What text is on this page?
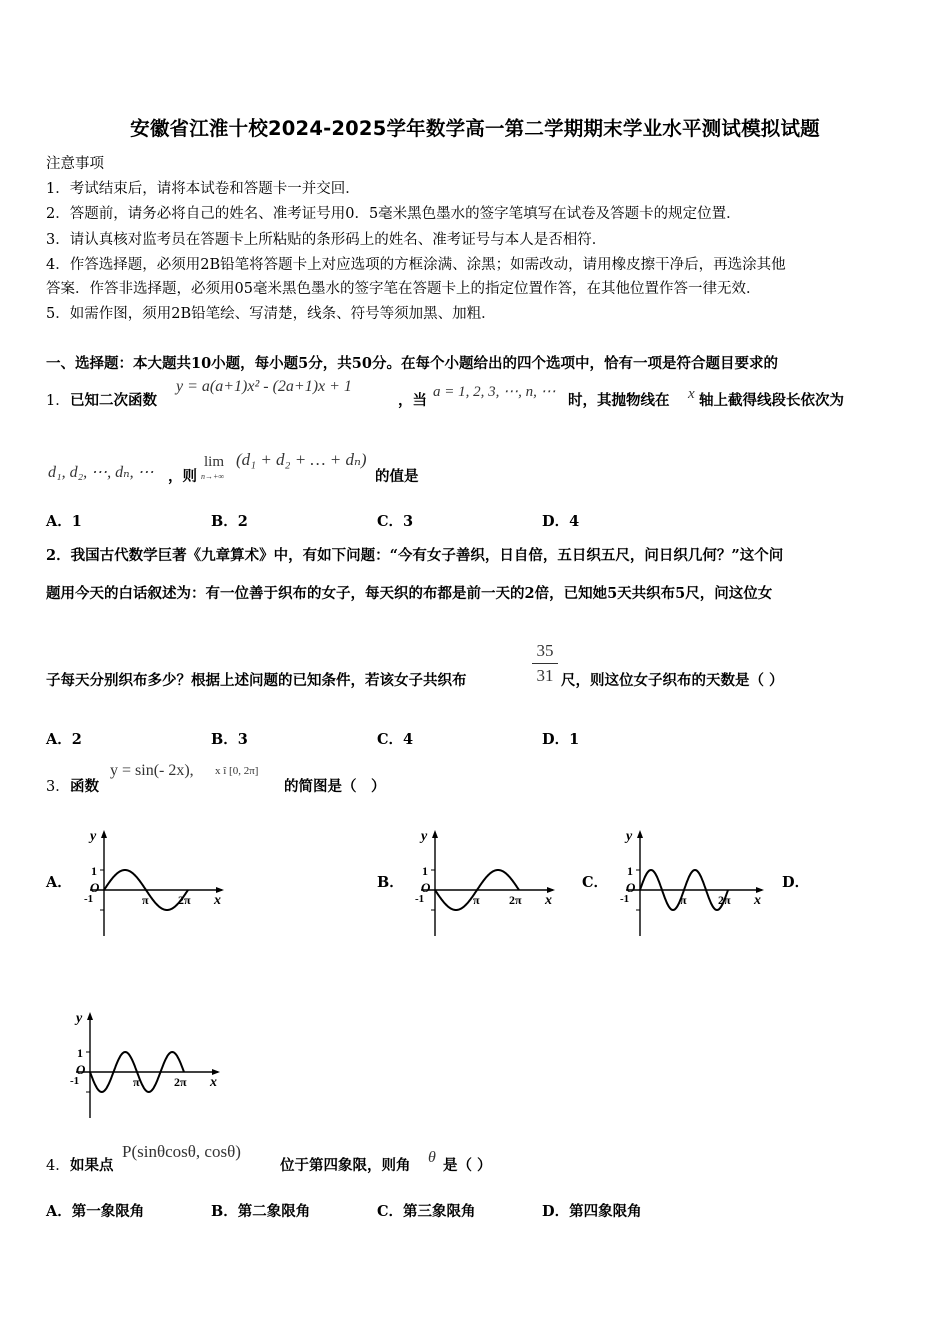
安徽省江淮十校2024-2025学年数学高一第二学期期末学业水平测试模拟试题
注意事项
1．考试结束后，请将本试卷和答题卡一并交回．
2．答题前，请务必将自己的姓名、准考证号用0．5毫米黑色墨水的签字笔填写在试卷及答题卡的规定位置．
3．请认真核对监考员在答题卡上所粘贴的条形码上的姓名、准考证号与本人是否相符．
4．作答选择题，必须用2B铅笔将答题卡上对应选项的方框涂满、涂黑；如需改动，请用橡皮擦干净后，再选涂其他
答案．作答非选择题，必须用05毫米黑色墨水的签字笔在答题卡上的指定位置作答，在其他位置作答一律无效．
5．如需作图，须用2B铅笔绘、写清楚，线条、符号等须加黑、加粗．
一、选择题：本大题共10小题，每小题5分，共50分。在每个小题给出的四个选项中，恰有一项是符合题目要求的
1． 已知二次函数
y = a(a+1)x² - (2a+1)x + 1
，当 a = 1, 2, 3, ⋯, n, ⋯ 时，其抛物线在 x 轴上截得线段长依次为
d₁, d₂, ⋯, dₙ, ⋯ ，则
lim
n→+∞
(d₁ + d₂ + … + dₙ)
的值是
A．1	B．2	C．3	D．4
2．我国古代数学巨著《九章算术》中，有如下问题：“今有女子善织，日自倍，五日织五尺，问日织几何？”这个问
题用今天的白话叙述为：有一位善于织布的女子，每天织的布都是前一天的2倍，已知她5天共织布5尺，问这位女
子每天分别织布多少？根据上述问题的已知条件，若该女子共织布
35
31 尺，则这位女子织布的天数是（ ）
A．2	B．3	C．4	D．1
3． 函数
y = sin(- 2x), x î [0, 2π]
的简图是（　）
A．	B．	C．	D．
y
x
O
1
-1	π 2π
y
x
O
1
-1	π 2π
y
x
O
1
-1	π	2π
y
x
O
1
-1	π	2π
4． 如果点
P(sinθcosθ, cosθ)
位于第四象限，则角 θ 是（ ）
A．第一象限角	B．第二象限角	C．第三象限角	D．第四象限角
